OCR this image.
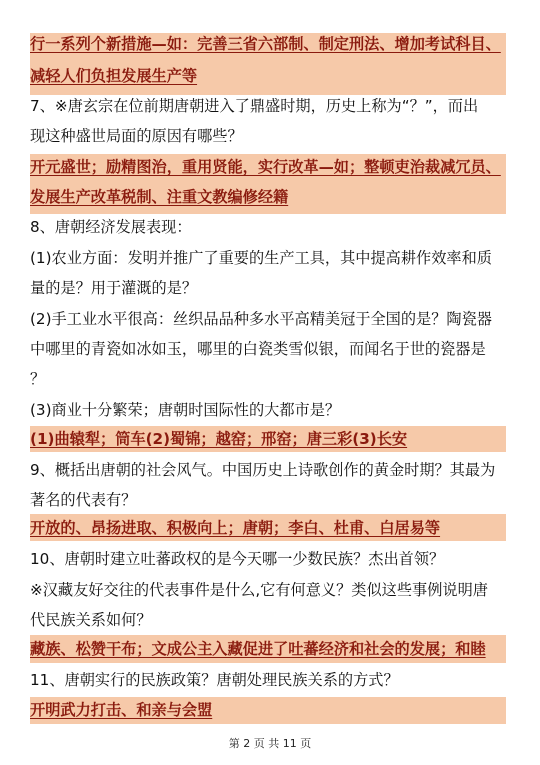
行一系列个新措施—如：完善三省六部制、制定刑法、增加考试科目、
减轻人们负担发展生产等
7、※唐玄宗在位前期唐朝进入了鼎盛时期，历史上称为“？”，而出
现这种盛世局面的原因有哪些？
开元盛世；励精图治，重用贤能，实行改革—如；整顿吏治裁减冗员、
发展生产改革税制、注重文教编修经籍
8、唐朝经济发展表现：
(1)农业方面：发明并推广了重要的生产工具，其中提高耕作效率和质
量的是？用于灌溉的是？
(2)手工业水平很高：丝织品品种多水平高精美冠于全国的是？陶瓷器
中哪里的青瓷如冰如玉，哪里的白瓷类雪似银，而闻名于世的瓷器是
？
(3)商业十分繁荣；唐朝时国际性的大都市是？
(1)曲辕犁；筒车(2)蜀锦；越窑；邢窑；唐三彩(3)长安
9、概括出唐朝的社会风气。中国历史上诗歌创作的黄金时期？其最为
著名的代表有？
开放的、昂扬进取、积极向上；唐朝；李白、杜甫、白居易等
10、唐朝时建立吐蕃政权的是今天哪一少数民族？杰出首领？
※汉藏友好交往的代表事件是什么,它有何意义？类似这些事例说明唐
代民族关系如何？
藏族、松赞干布；文成公主入藏促进了吐蕃经济和社会的发展；和睦
11、唐朝实行的民族政策？唐朝处理民族关系的方式？
开明武力打击、和亲与会盟
第 2 页 共 11 页
